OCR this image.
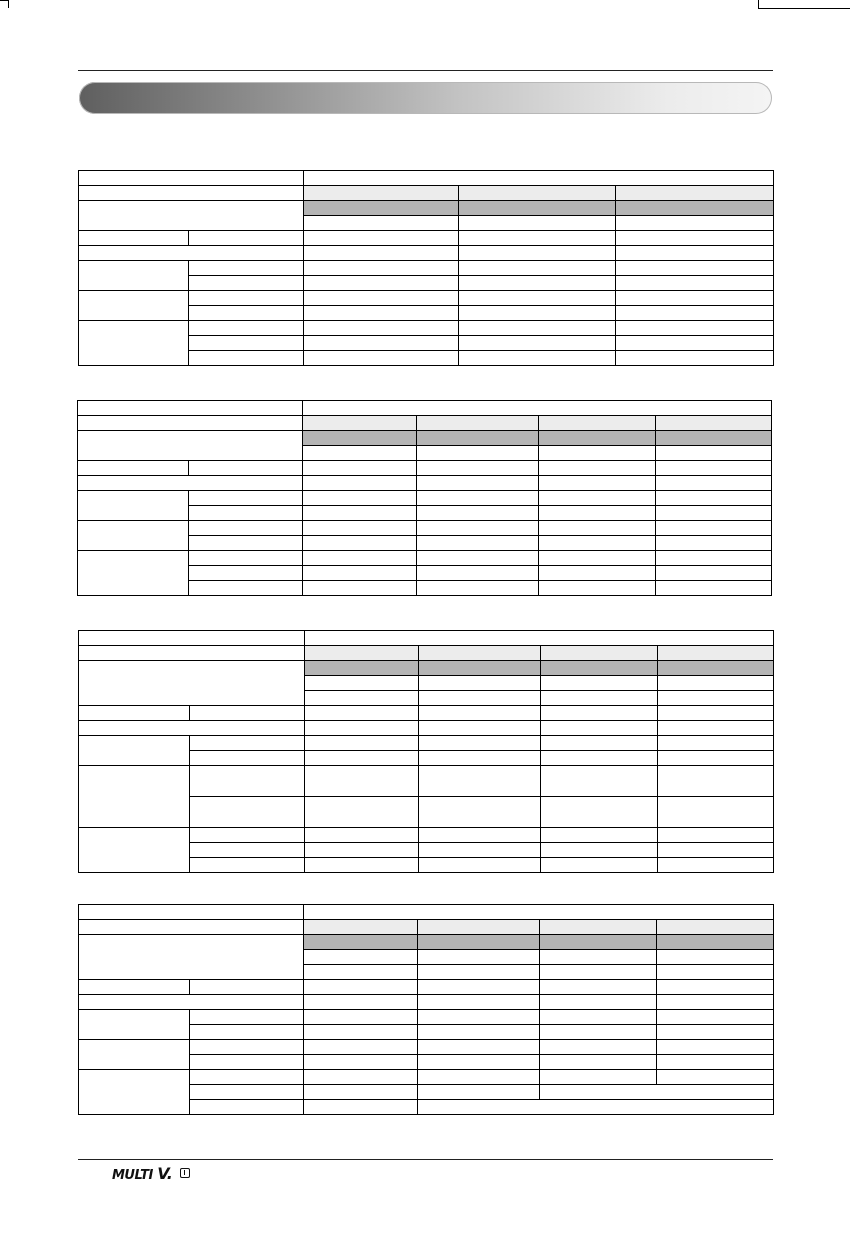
MULTI V.
